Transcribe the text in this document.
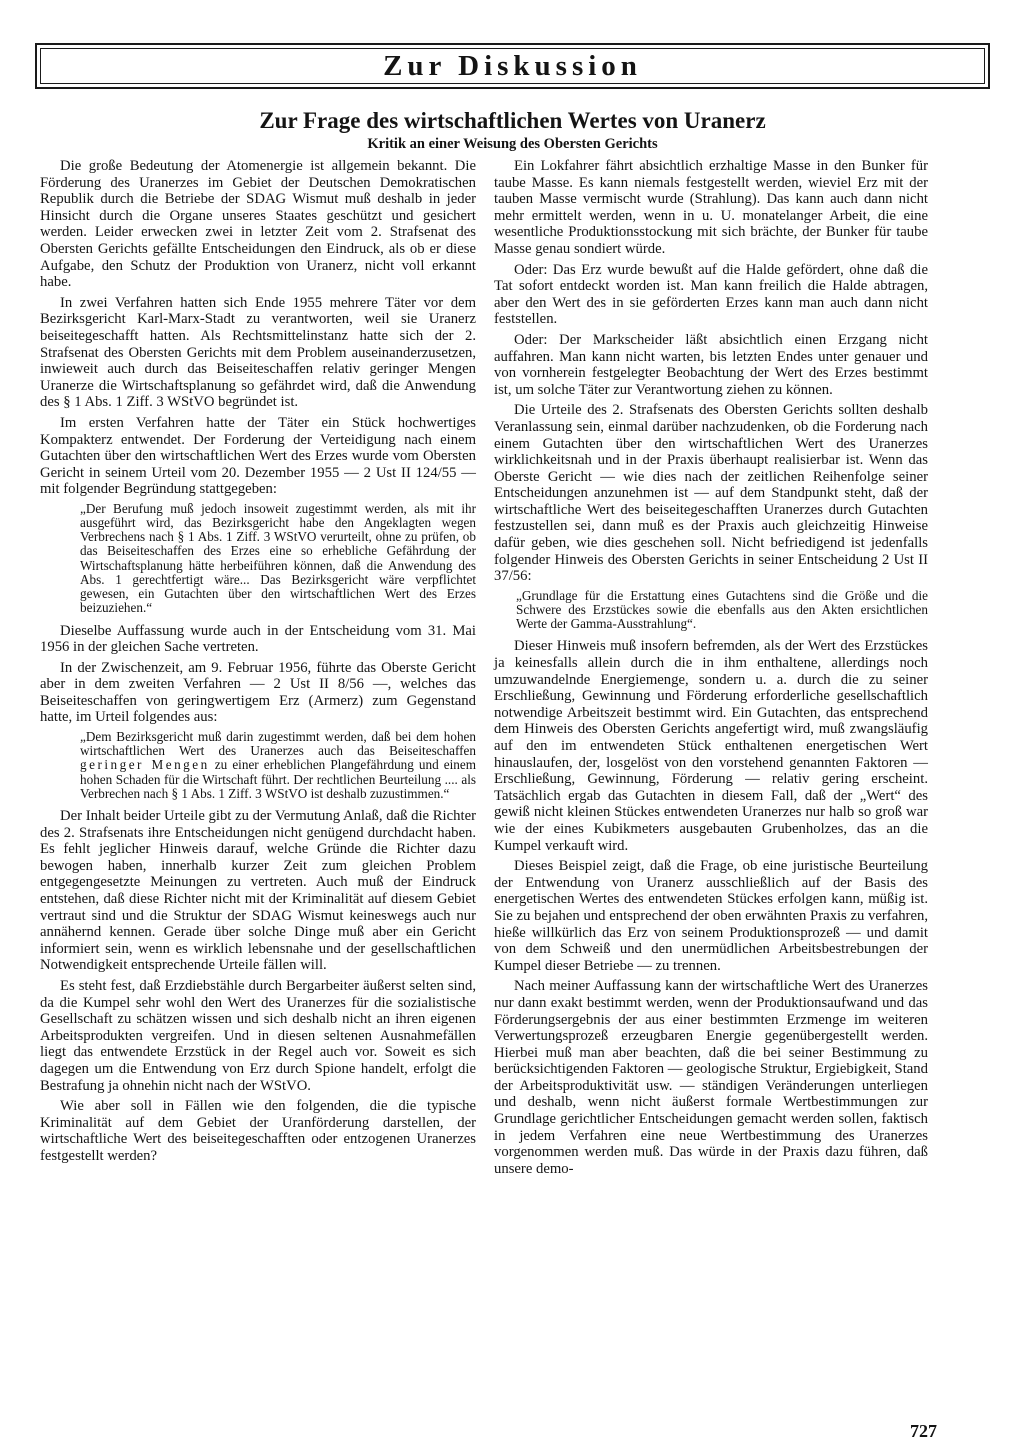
Zur Diskussion
Zur Frage des wirtschaftlichen Wertes von Uranerz
Kritik an einer Weisung des Obersten Gerichts

Die große Bedeutung der Atomenergie ist allgemein bekannt. Die Förderung des Uranerzes im Gebiet der Deutschen Demokratischen Republik durch die Betriebe der SDAG Wismut muß deshalb in jeder Hinsicht durch die Organe unseres Staates geschützt und gesichert werden. Leider erwecken zwei in letzter Zeit vom 2. Strafsenat des Obersten Gerichts gefällte Entscheidungen den Eindruck, als ob er diese Aufgabe, den Schutz der Produktion von Uranerz, nicht voll erkannt habe.

In zwei Verfahren hatten sich Ende 1955 mehrere Täter vor dem Bezirksgericht Karl-Marx-Stadt zu verantworten, weil sie Uranerz beiseitegeschafft hatten. Als Rechtsmittelinstanz hatte sich der 2. Strafsenat des Obersten Gerichts mit dem Problem auseinanderzusetzen, inwieweit auch durch das Beiseiteschaffen relativ geringer Mengen Uranerze die Wirtschaftsplanung so gefährdet wird, daß die Anwendung des § 1 Abs. 1 Ziff. 3 WStVO begründet ist.

Im ersten Verfahren hatte der Täter ein Stück hochwertiges Kompakterz entwendet. Der Forderung der Verteidigung nach einem Gutachten über den wirtschaftlichen Wert des Erzes wurde vom Obersten Gericht in seinem Urteil vom 20. Dezember 1955 — 2 Ust II 124/55 — mit folgender Begründung stattgegeben:

„Der Berufung muß jedoch insoweit zugestimmt werden, als mit ihr ausgeführt wird, das Bezirksgericht habe den Angeklagten wegen Verbrechens nach § 1 Abs. 1 Ziff. 3 WStVO verurteilt, ohne zu prüfen, ob das Beiseiteschaffen des Erzes eine so erhebliche Gefährdung der Wirtschaftsplanung hätte herbeiführen können, daß die Anwendung des Abs. 1 gerechtfertigt wäre... Das Bezirksgericht wäre verpflichtet gewesen, ein Gutachten über den wirtschaftlichen Wert des Erzes beizuziehen.“

Dieselbe Auffassung wurde auch in der Entscheidung vom 31. Mai 1956 in der gleichen Sache vertreten.

In der Zwischenzeit, am 9. Februar 1956, führte das Oberste Gericht aber in dem zweiten Verfahren — 2 Ust II 8/56 —, welches das Beiseiteschaffen von geringwertigem Erz (Armerz) zum Gegenstand hatte, im Urteil folgendes aus:

„Dem Bezirksgericht muß darin zugestimmt werden, daß bei dem hohen wirtschaftlichen Wert des Uranerzes auch das Beiseiteschaffen geringer Mengen zu einer erheblichen Plangefährdung und einem hohen Schaden für die Wirtschaft führt. Der rechtlichen Beurteilung .... als Verbrechen nach § 1 Abs. 1 Ziff. 3 WStVO ist deshalb zuzustimmen.“

Der Inhalt beider Urteile gibt zu der Vermutung Anlaß, daß die Richter des 2. Strafsenats ihre Entscheidungen nicht genügend durchdacht haben. Es fehlt jeglicher Hinweis darauf, welche Gründe die Richter dazu bewogen haben, innerhalb kurzer Zeit zum gleichen Problem entgegengesetzte Meinungen zu vertreten. Auch muß der Eindruck entstehen, daß diese Richter nicht mit der Kriminalität auf diesem Gebiet vertraut sind und die Struktur der SDAG Wismut keineswegs auch nur annähernd kennen. Gerade über solche Dinge muß aber ein Gericht informiert sein, wenn es wirklich lebensnahe und der gesellschaftlichen Notwendigkeit entsprechende Urteile fällen will.

Es steht fest, daß Erzdiebstähle durch Bergarbeiter äußerst selten sind, da die Kumpel sehr wohl den Wert des Uranerzes für die sozialistische Gesellschaft zu schätzen wissen und sich deshalb nicht an ihren eigenen Arbeitsprodukten vergreifen. Und in diesen seltenen Ausnahmefällen liegt das entwendete Erzstück in der Regel auch vor. Soweit es sich dagegen um die Entwendung von Erz durch Spione handelt, erfolgt die Bestrafung ja ohnehin nicht nach der WStVO.

Wie aber soll in Fällen wie den folgenden, die die typische Kriminalität auf dem Gebiet der Uranförderung darstellen, der wirtschaftliche Wert des beiseitegeschafften oder entzogenen Uranerzes festgestellt werden?

Ein Lokfahrer fährt absichtlich erzhaltige Masse in den Bunker für taube Masse. Es kann niemals festgestellt werden, wieviel Erz mit der tauben Masse vermischt wurde (Strahlung). Das kann auch dann nicht mehr ermittelt werden, wenn in u. U. monatelanger Arbeit, die eine wesentliche Produktionsstockung mit sich brächte, der Bunker für taube Masse genau sondiert würde.

Oder: Das Erz wurde bewußt auf die Halde gefördert, ohne daß die Tat sofort entdeckt worden ist. Man kann freilich die Halde abtragen, aber den Wert des in sie geförderten Erzes kann man auch dann nicht feststellen.

Oder: Der Markscheider läßt absichtlich einen Erzgang nicht auffahren. Man kann nicht warten, bis letzten Endes unter genauer und von vornherein festgelegter Beobachtung der Wert des Erzes bestimmt ist, um solche Täter zur Verantwortung ziehen zu können.

Die Urteile des 2. Strafsenats des Obersten Gerichts sollten deshalb Veranlassung sein, einmal darüber nachzudenken, ob die Forderung nach einem Gutachten über den wirtschaftlichen Wert des Uranerzes wirklichkeitsnah und in der Praxis überhaupt realisierbar ist. Wenn das Oberste Gericht — wie dies nach der zeitlichen Reihenfolge seiner Entscheidungen anzunehmen ist — auf dem Standpunkt steht, daß der wirtschaftliche Wert des beiseitegeschafften Uranerzes durch Gutachten festzustellen sei, dann muß es der Praxis auch gleichzeitig Hinweise dafür geben, wie dies geschehen soll. Nicht befriedigend ist jedenfalls folgender Hinweis des Obersten Gerichts in seiner Entscheidung 2 Ust II 37/56:

„Grundlage für die Erstattung eines Gutachtens sind die Größe und die Schwere des Erzstückes sowie die ebenfalls aus den Akten ersichtlichen Werte der Gamma-Ausstrahlung“.

Dieser Hinweis muß insofern befremden, als der Wert des Erzstückes ja keinesfalls allein durch die in ihm enthaltene, allerdings noch umzuwandelnde Energiemenge, sondern u. a. durch die zu seiner Erschließung, Gewinnung und Förderung erforderliche gesellschaftlich notwendige Arbeitszeit bestimmt wird. Ein Gutachten, das entsprechend dem Hinweis des Obersten Gerichts angefertigt wird, muß zwangsläufig auf den im entwendeten Stück enthaltenen energetischen Wert hinauslaufen, der, losgelöst von den vorstehend genannten Faktoren — Erschließung, Gewinnung, Förderung — relativ gering erscheint. Tatsächlich ergab das Gutachten in diesem Fall, daß der „Wert“ des gewiß nicht kleinen Stückes entwendeten Uranerzes nur halb so groß war wie der eines Kubikmeters ausgebauten Grubenholzes, das an die Kumpel verkauft wird.

Dieses Beispiel zeigt, daß die Frage, ob eine juristische Beurteilung der Entwendung von Uranerz ausschließlich auf der Basis des energetischen Wertes des entwendeten Stückes erfolgen kann, müßig ist. Sie zu bejahen und entsprechend der oben erwähnten Praxis zu verfahren, hieße willkürlich das Erz von seinem Produktionsprozeß — und damit von dem Schweiß und den unermüdlichen Arbeitsbestrebungen der Kumpel dieser Betriebe — zu trennen.

Nach meiner Auffassung kann der wirtschaftliche Wert des Uranerzes nur dann exakt bestimmt werden, wenn der Produktionsaufwand und das Förderungsergebnis der aus einer bestimmten Erzmenge im weiteren Verwertungsprozeß erzeugbaren Energie gegenübergestellt werden. Hierbei muß man aber beachten, daß die bei seiner Bestimmung zu berücksichtigenden Faktoren — geologische Struktur, Ergiebigkeit, Stand der Arbeitsproduktivität usw. — ständigen Veränderungen unterliegen und deshalb, wenn nicht äußerst formale Wertbestimmungen zur Grundlage gerichtlicher Entscheidungen gemacht werden sollen, faktisch in jedem Verfahren eine neue Wertbestimmung des Uranerzes vorgenommen werden muß. Das würde in der Praxis dazu führen, daß unsere demo-

727
